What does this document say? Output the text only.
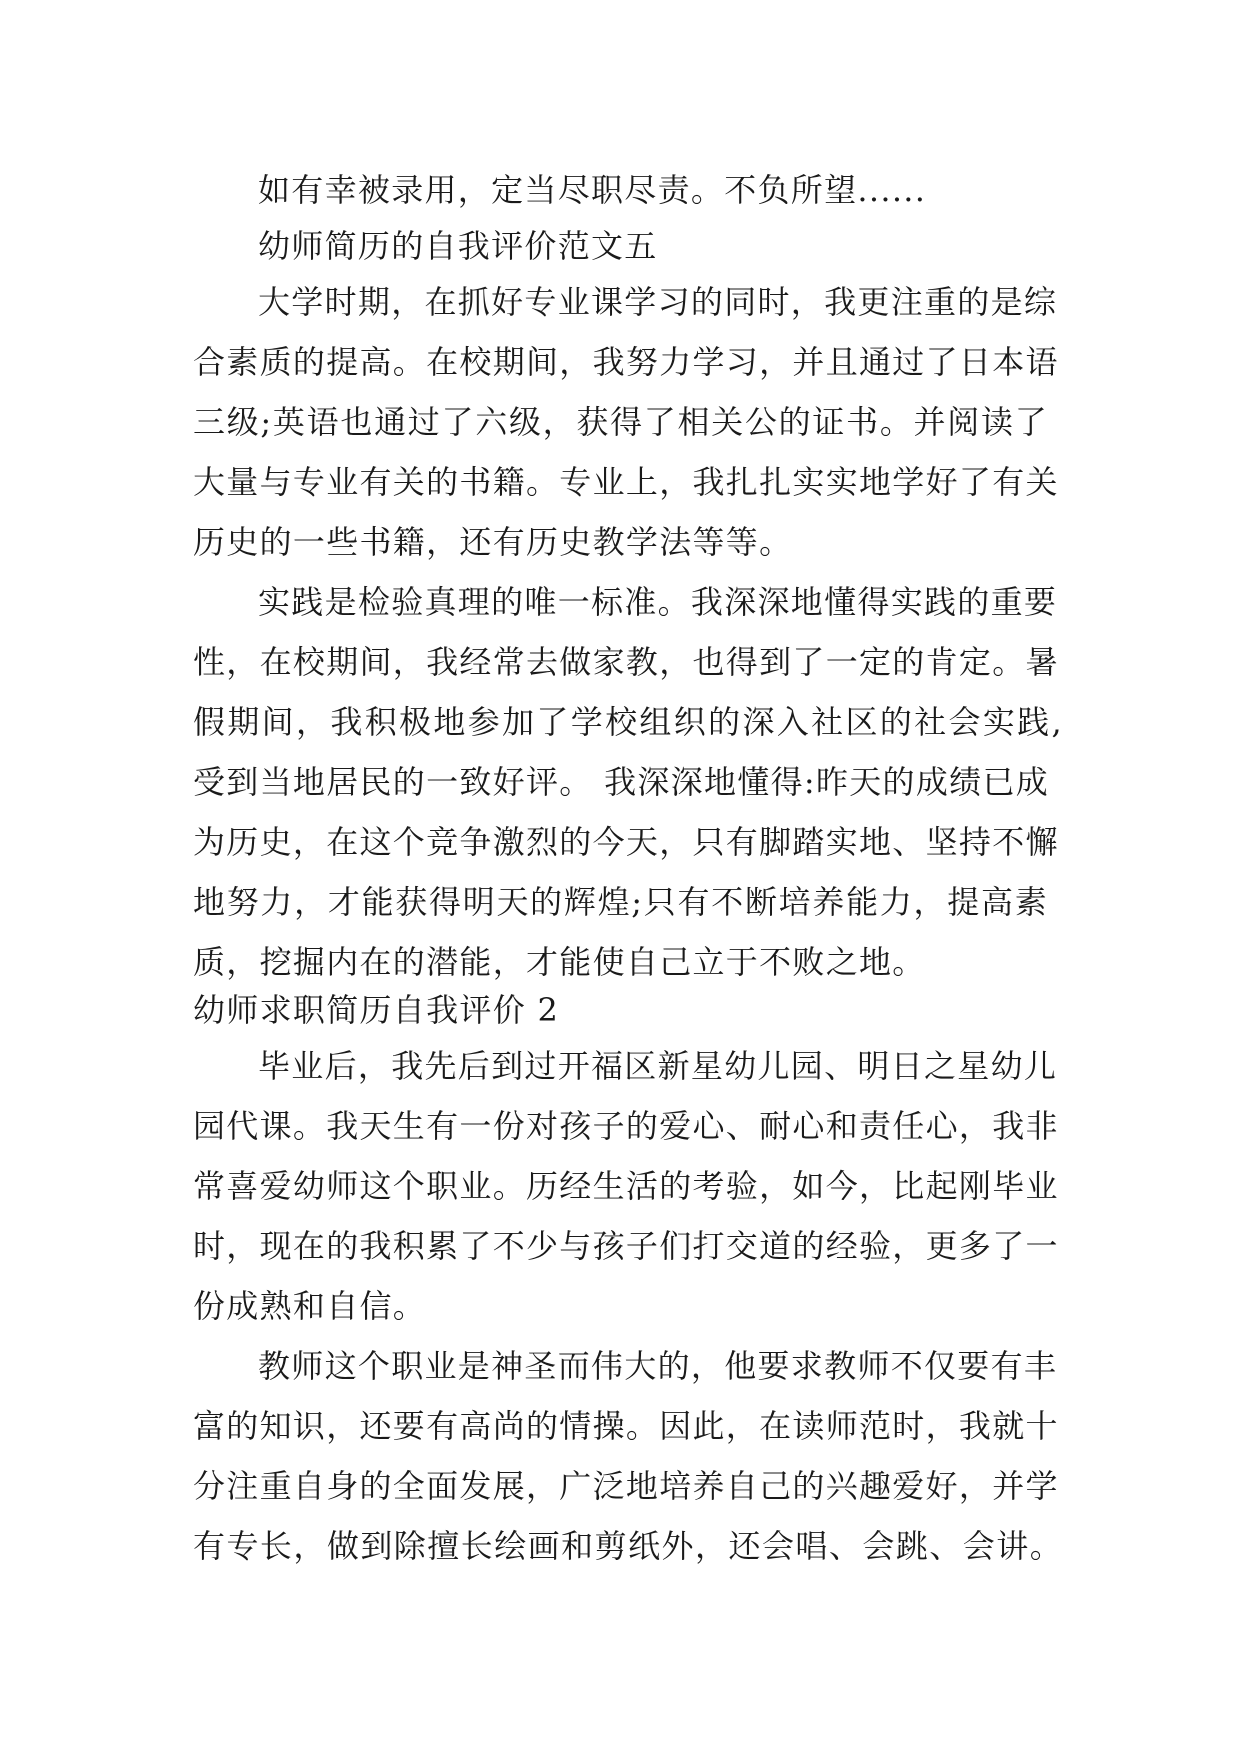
如有幸被录用，定当尽职尽责。不负所望......
幼师简历的自我评价范文五
大学时期，在抓好专业课学习的同时，我更注重的是综
合素质的提高。在校期间，我努力学习，并且通过了日本语
三级;英语也通过了六级，获得了相关公的证书。并阅读了
大量与专业有关的书籍。专业上，我扎扎实实地学好了有关
历史的一些书籍，还有历史教学法等等。
实践是检验真理的唯一标准。我深深地懂得实践的重要
性，在校期间，我经常去做家教，也得到了一定的肯定。暑
假期间，我积极地参加了学校组织的深入社区的社会实践,
受到当地居民的一致好评。 我深深地懂得:昨天的成绩已成
为历史，在这个竞争激烈的今天，只有脚踏实地、坚持不懈
地努力，才能获得明天的辉煌;只有不断培养能力，提高素
质，挖掘内在的潜能，才能使自己立于不败之地。
幼师求职简历自我评价 2
毕业后，我先后到过开福区新星幼儿园、明日之星幼儿
园代课。我天生有一份对孩子的爱心、耐心和责任心，我非
常喜爱幼师这个职业。历经生活的考验，如今，比起刚毕业
时，现在的我积累了不少与孩子们打交道的经验，更多了一
份成熟和自信。
教师这个职业是神圣而伟大的，他要求教师不仅要有丰
富的知识，还要有高尚的情操。因此，在读师范时，我就十
分注重自身的全面发展，广泛地培养自己的兴趣爱好，并学
有专长，做到除擅长绘画和剪纸外，还会唱、会跳、会讲。
